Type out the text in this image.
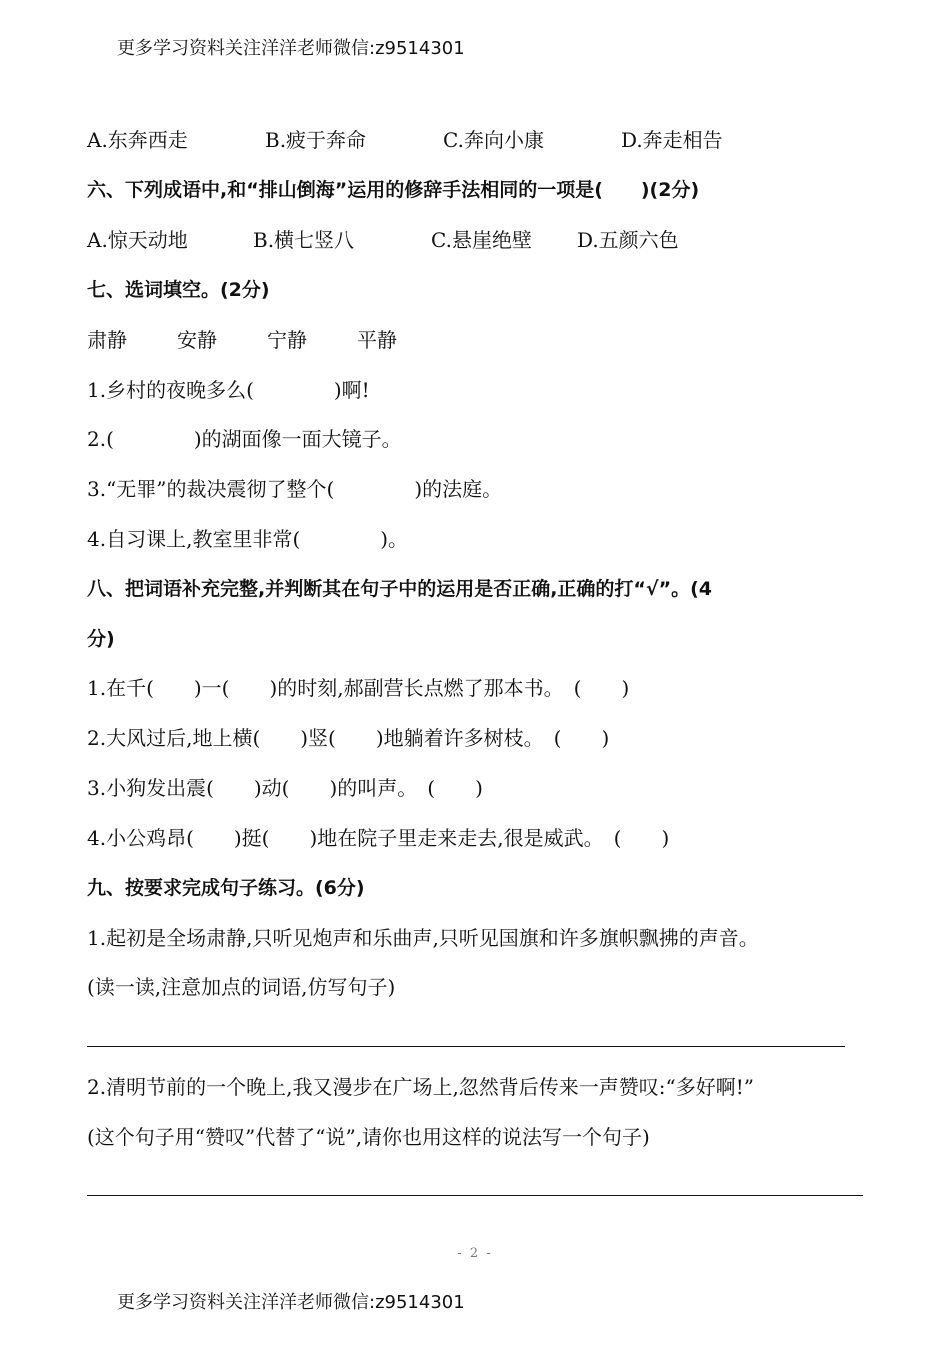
更多学习资料关注洋洋老师微信:z9514301
A.东奔西走	B.疲于奔命	C.奔向小康	D.奔走相告
六、下列成语中,和“排山倒海”运用的修辞手法相同的一项是(　　)(2分)
A.惊天动地	B.横七竖八	C.悬崖绝壁	D.五颜六色
七、选词填空。(2分)
肃静	安静	宁静	平静
1.乡村的夜晚多么(　　　　)啊!
2.(　　　　)的湖面像一面大镜子。
3.“无罪”的裁决震彻了整个(　　　　)的法庭。
4.自习课上,教室里非常(　　　　)。
八、把词语补充完整,并判断其在句子中的运用是否正确,正确的打“√”。(4
分)
1.在千(　　)一(　　)的时刻,郝副营长点燃了那本书。　(　　)
2.大风过后,地上横(　　)竖(　　)地躺着许多树枝。　(　　)
3.小狗发出震(　　)动(　　)的叫声。　(　　)
4.小公鸡昂(　　)挺(　　)地在院子里走来走去,很是威武。　(　　)
九、按要求完成句子练习。(6分)
1.起初是全场肃静,只听见炮声和乐曲声,只听见国旗和许多旗帜飘拂的声音。
(读一读,注意加点的词语,仿写句子)
2.清明节前的一个晚上,我又漫步在广场上,忽然背后传来一声赞叹:“多好啊!”
(这个句子用“赞叹”代替了“说”,请你也用这样的说法写一个句子)
- 2 -
更多学习资料关注洋洋老师微信:z9514301
